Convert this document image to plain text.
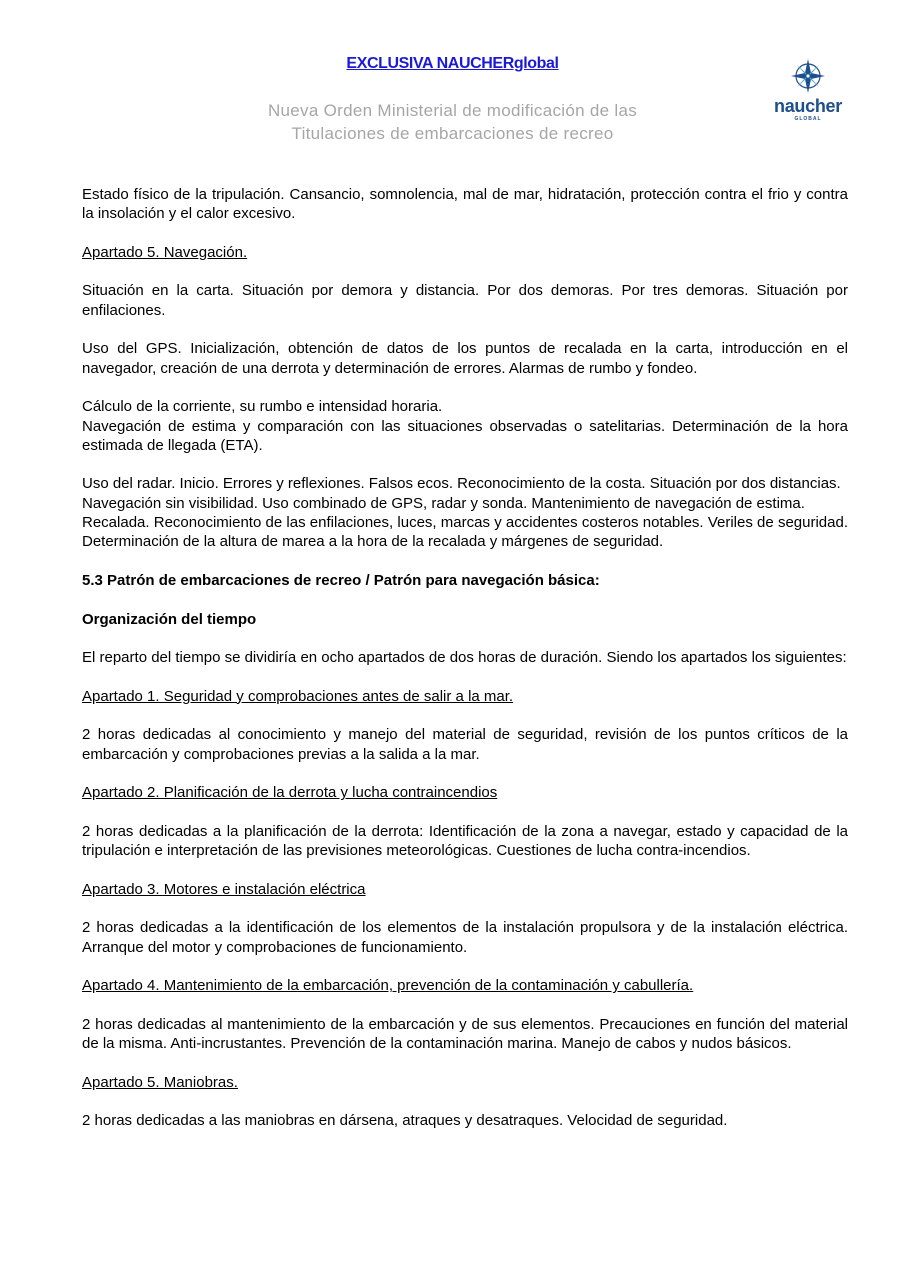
EXCLUSIVA NAUCHERglobal
Nueva Orden Ministerial de modificación de las
Titulaciones de embarcaciones de recreo
naucher
GLOBAL

Estado físico de la tripulación. Cansancio, somnolencia, mal de mar, hidratación, protección contra el frio y contra la insolación y el calor excesivo.

Apartado 5. Navegación.

Situación en la carta. Situación por demora y distancia. Por dos demoras. Por tres demoras. Situación por enfilaciones.

Uso del GPS. Inicialización, obtención de datos de los puntos de recalada en la carta, introducción en el navegador, creación de una derrota y determinación de errores. Alarmas de rumbo y fondeo.

Cálculo de la corriente, su rumbo e intensidad horaria.

Navegación de estima y comparación con las situaciones observadas o satelitarias. Determinación de la hora estimada de llegada (ETA).

Uso del radar. Inicio. Errores y reflexiones. Falsos ecos. Reconocimiento de la costa. Situación por dos distancias.

Navegación sin visibilidad. Uso combinado de GPS, radar y sonda. Mantenimiento de navegación de estima.

Recalada. Reconocimiento de las enfilaciones, luces, marcas y accidentes costeros notables. Veriles de seguridad. Determinación de la altura de marea a la hora de la recalada y márgenes de seguridad.

5.3 Patrón de embarcaciones de recreo / Patrón para navegación básica:

Organización del tiempo

El reparto del tiempo se dividiría en ocho apartados de dos horas de duración. Siendo los apartados los siguientes:

Apartado 1. Seguridad y comprobaciones antes de salir a la mar.

2 horas dedicadas al conocimiento y manejo del material de seguridad, revisión de los puntos críticos de la embarcación y comprobaciones previas a la salida a la mar.

Apartado 2. Planificación de la derrota y lucha contraincendios

2 horas dedicadas a la planificación de la derrota: Identificación de la zona a navegar, estado y capacidad de la tripulación e interpretación de las previsiones meteorológicas. Cuestiones de lucha contra-incendios.

Apartado 3. Motores e instalación eléctrica

2 horas dedicadas a la identificación de los elementos de la instalación propulsora y de la instalación eléctrica. Arranque del motor y comprobaciones de funcionamiento.

Apartado 4. Mantenimiento de la embarcación, prevención de la contaminación y cabullería.

2 horas dedicadas al mantenimiento de la embarcación y de sus elementos. Precauciones en función del material de la misma. Anti-incrustantes. Prevención de la contaminación marina. Manejo de cabos y nudos básicos.

Apartado 5. Maniobras.

2 horas dedicadas a las maniobras en dársena, atraques y desatraques. Velocidad de seguridad.
